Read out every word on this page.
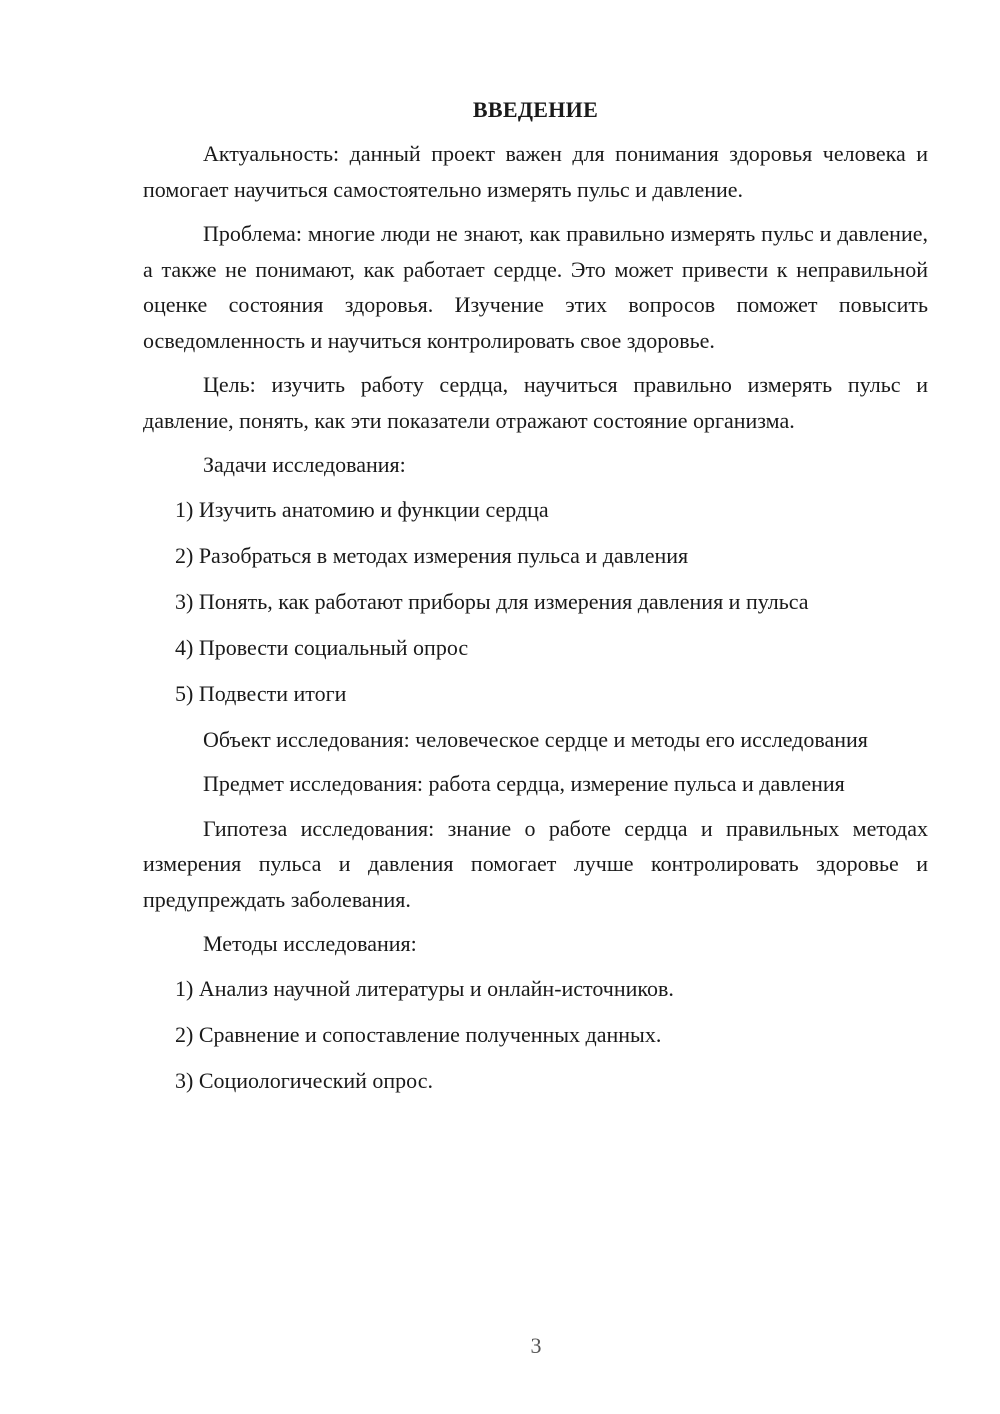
ВВЕДЕНИЕ

Актуальность: данный проект важен для понимания здоровья человека и помогает научиться самостоятельно измерять пульс и давление.

Проблема: многие люди не знают, как правильно измерять пульс и давление, а также не понимают, как работает сердце. Это может привести к неправильной оценке состояния здоровья. Изучение этих вопросов поможет повысить осведомленность и научиться контролировать свое здоровье.

Цель: изучить работу сердца, научиться правильно измерять пульс и давление, понять, как эти показатели отражают состояние организма.

Задачи исследования:

1) Изучить анатомию и функции сердца
2) Разобраться в методах измерения пульса и давления
3) Понять, как работают приборы для измерения давления и пульса
4) Провести социальный опрос
5) Подвести итоги

Объект исследования: человеческое сердце и методы его исследования

Предмет исследования: работа сердца, измерение пульса и давления

Гипотеза исследования: знание о работе сердца и правильных методах измерения пульса и давления помогает лучше контролировать здоровье и предупреждать заболевания.

Методы исследования:

1) Анализ научной литературы и онлайн-источников.
2) Сравнение и сопоставление полученных данных.
3) Социологический опрос.
3
